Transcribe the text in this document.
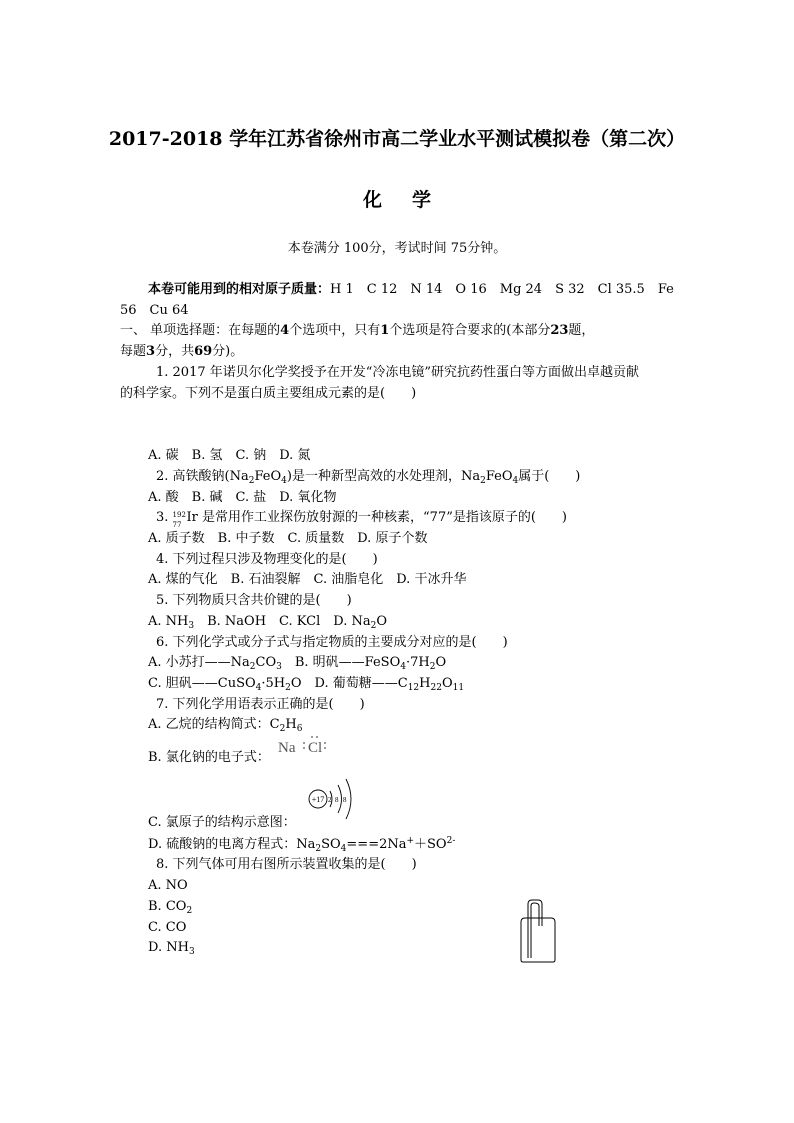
2017-2018 学年江苏省徐州市高二学业水平测试模拟卷（第二次）
化学
本卷满分 100分，考试时间 75分钟。
本卷可能用到的相对原子质量：H 1　C 12　N 14　O 16　Mg 24　S 32　Cl 35.5　Fe
56　Cu 64
一、 单项选择题：在每题的4个选项中，只有1个选项是符合要求的(本部分23题，
每题3分，共69分)。
1. 2017 年诺贝尔化学奖授予在开发“冷冻电镜”研究抗药性蛋白等方面做出卓越贡献
的科学家。下列不是蛋白质主要组成元素的是(　　)
A. 碳　B. 氢　C. 钠　D. 氮
2. 高铁酸钠$(Na_2FeO_4)$是一种新型高效的水处理剂，$Na_2FeO_4$属于(　　)
A. 酸　B. 碱　C. 盐　D. 氧化物
3. 192
77 Ir 是常用作工业探伤放射源的一种核素，“77”是指该原子的(　　)
A. 质子数　B. 中子数　C. 质量数　D. 原子个数
4. 下列过程只涉及物理变化的是(　　)
A. 煤的气化　B. 石油裂解　C. 油脂皂化　D. 干冰升华
5. 下列物质只含共价键的是(　　)
A. $NH_3$　B. NaOH　C. KCl　D. $Na_2O$
6. 下列化学式或分子式与指定物质的主要成分对应的是(　　)
A. 小苏打$——Na_2CO_3$　B. 明矾$——FeSO_4\cdot 7H_2O$
C. 胆矾$——CuSO_4\cdot 5H_2O$　D. 葡萄糖$——C_{12}H_{22}O_{11}$
7. 下列化学用语表示正确的是(　　)
A. 乙烷的结构简式：$C_2H_6$
B. 氯化钠的电子式：
Na Cl
+17 2 8 8
C. 氯原子的结构示意图：
D. 硫酸钠的电离方程式：$Na_2SO_4===2Na^++SO^{2-}$
8. 下列气体可用右图所示装置收集的是(　　)
A. NO
B. $CO_2$
C. CO
D. $NH_3$
